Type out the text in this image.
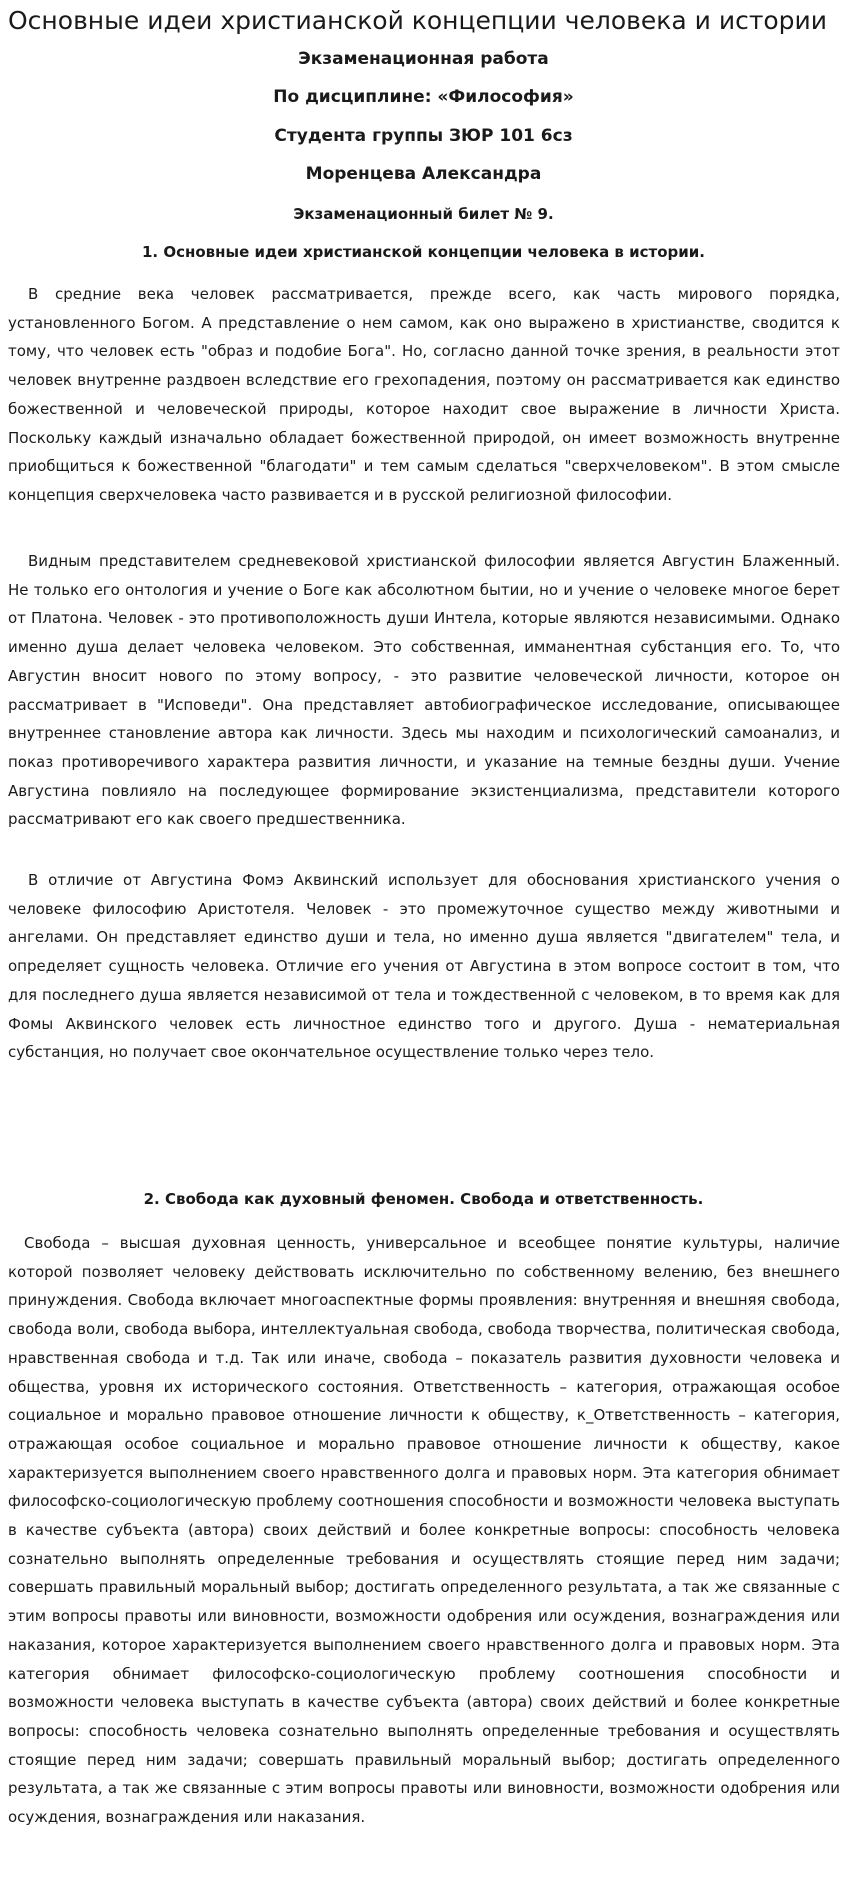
Основные идеи христианской концепции человека и истории
Экзаменационная работа
По дисциплине: «Философия»
Студента группы ЗЮР 101 6сз
Моренцева Александра
Экзаменационный билет № 9.
1. Основные идеи христианской концепции человека в истории.

В средние века человек рассматривается, прежде всего, как часть мирового порядка, установленного Богом. А представление о нем самом, как оно выражено в христианстве, сводится к тому, что человек есть "образ и подобие Бога". Но, согласно данной точке зрения, в реальности этот человек внутренне раздвоен вследствие его грехопадения, поэтому он рассматривается как единство божественной и человеческой природы, которое находит свое выражение в личности Христа. Поскольку каждый изначально обладает божественной природой, он имеет возможность внутренне приобщиться к божественной "благодати" и тем самым сделаться "сверхчеловеком". В этом смысле концепция сверхчеловека часто развивается и в русской религиозной философии.

Видным представителем средневековой христианской философии является Августин Блаженный. Не только его онтология и учение о Боге как абсолютном бытии, но и учение о человеке многое берет от Платона. Человек - это противоположность души Интела, которые являются независимыми. Однако именно душа делает человека человеком. Это собственная, имманентная субстанция его. То, что Августин вносит нового по этому вопросу, - это развитие человеческой личности, которое он рассматривает в "Исповеди". Она представляет автобиографическое исследование, описывающее внутреннее становление автора как личности. Здесь мы находим и психологический самоанализ, и показ противоречивого характера развития личности, и указание на темные бездны души. Учение Августина повлияло на последующее формирование экзистенциализма, представители которого рассматривают его как своего предшественника.

В отличие от Августина Фомэ Аквинский использует для обоснования христианского учения о человеке философию Аристотеля. Человек - это промежуточное существо между животными и ангелами. Он представляет единство души и тела, но именно душа является "двигателем" тела, и определяет сущность человека. Отличие его учения от Августина в этом вопросе состоит в том, что для последнего душа является независимой от тела и тождественной с человеком, в то время как для Фомы Аквинского человек есть личностное единство того и другого. Душа - нематериальная субстанция, но получает свое окончательное осуществление только через тело.

2. Свобода как духовный феномен. Свобода и ответственность.

Свобода – высшая духовная ценность, универсальное и всеобщее понятие культуры, наличие которой позволяет человеку действовать исключительно по собственному велению, без внешнего принуждения. Свобода включает многоаспектные формы проявления: внутренняя и внешняя свобода, свобода воли, свобода выбора, интеллектуальная свобода, свобода творчества, политическая свобода, нравственная свобода и т.д. Так или иначе, свобода – показатель развития духовности человека и общества, уровня их исторического состояния. Ответственность – категория, отражающая особое социальное и морально правовое отношение личности к обществу, к_Ответственность – категория, отражающая особое социальное и морально правовое отношение личности к обществу, какое характеризуется выполнением своего нравственного долга и правовых норм. Эта категория обнимает философско-социологическую проблему соотношения способности и возможности человека выступать в качестве субъекта (автора) своих действий и более конкретные вопросы: способность человека сознательно выполнять определенные требования и осуществлять стоящие перед ним задачи; совершать правильный моральный выбор; достигать определенного результата, а так же связанные с этим вопросы правоты или виновности, возможности одобрения или осуждения, вознаграждения или наказания, которое характеризуется выполнением своего нравственного долга и правовых норм. Эта категория обнимает философско-социологическую проблему соотношения способности и возможности человека выступать в качестве субъекта (автора) своих действий и более конкретные вопросы: способность человека сознательно выполнять определенные требования и осуществлять стоящие перед ним задачи; совершать правильный моральный выбор; достигать определенного результата, а так же связанные с этим вопросы правоты или виновности, возможности одобрения или осуждения, вознаграждения или наказания.
